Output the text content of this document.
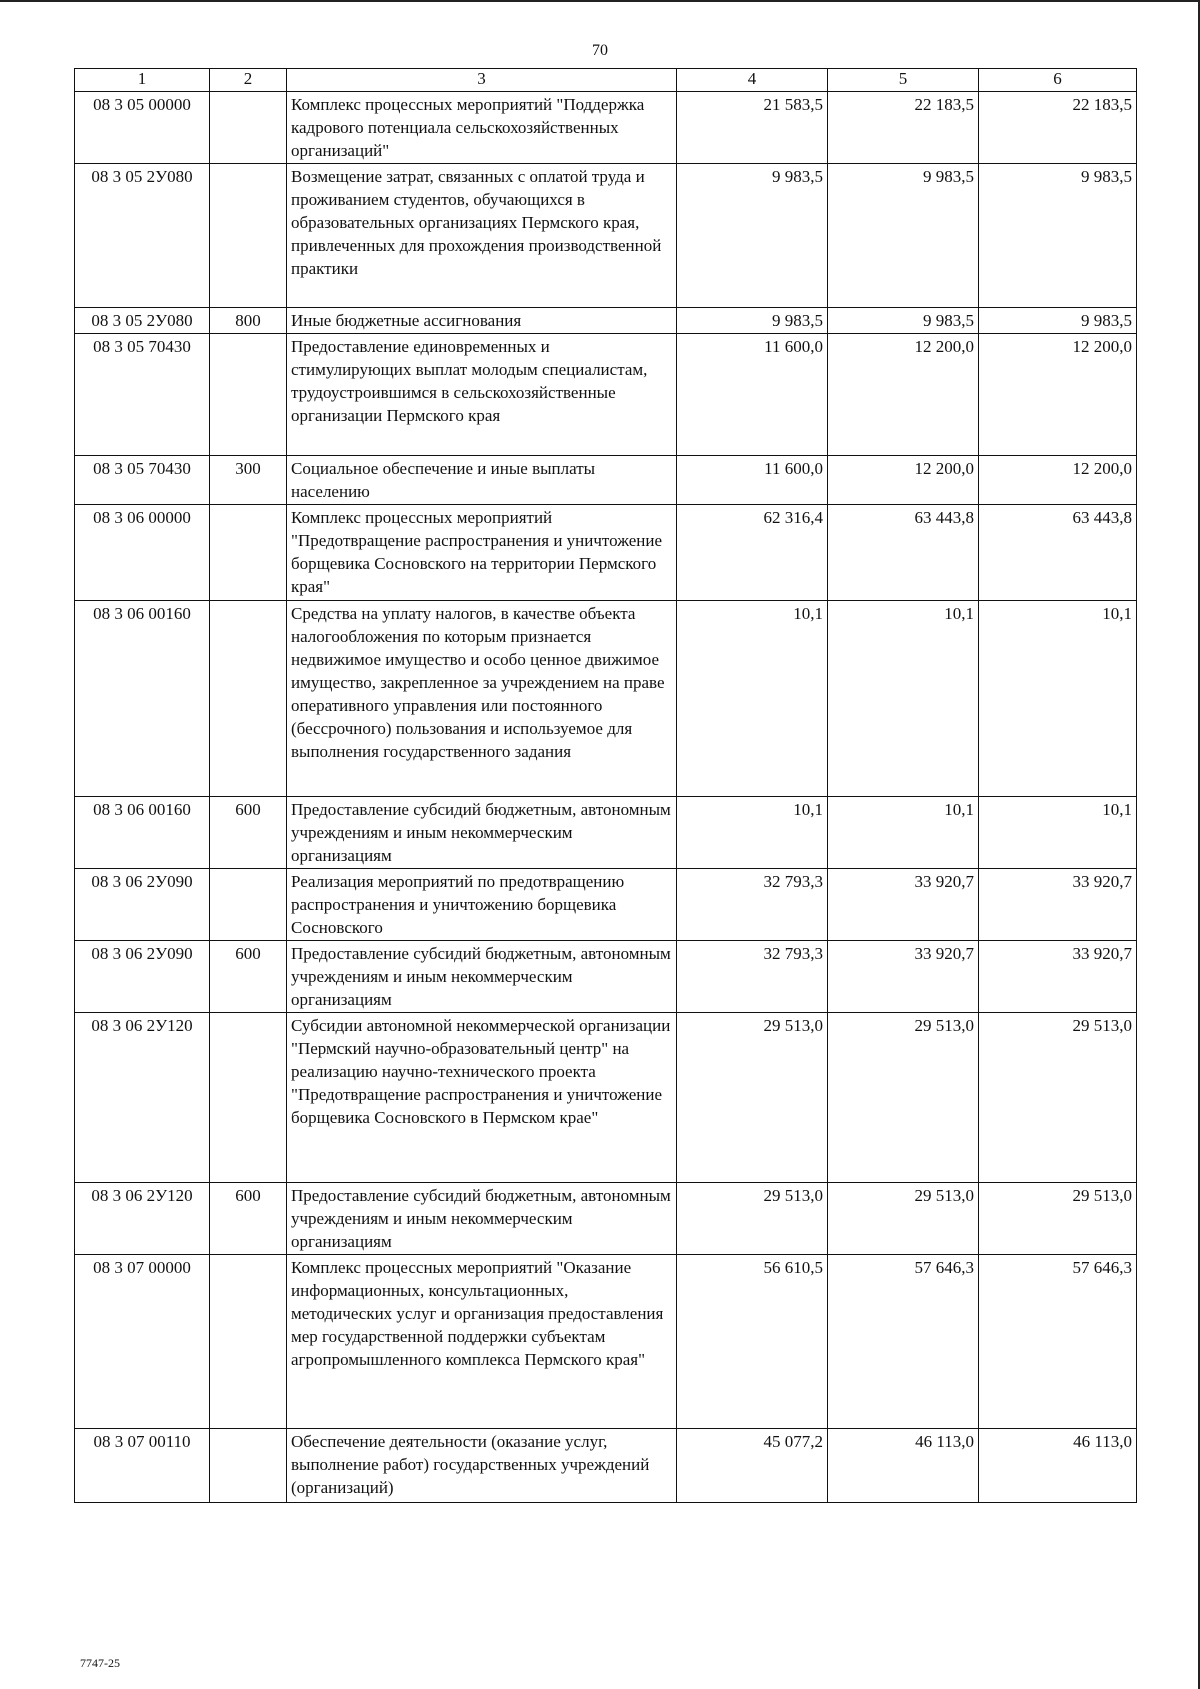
70
1	2	3	4	5	6
08 3 05 00000		Комплекс процессных мероприятий "Поддержка кадрового потенциала сельскохозяйственных организаций"	21 583,5	22 183,5	22 183,5
08 3 05 2У080		Возмещение затрат, связанных с оплатой труда и проживанием студентов, обучающихся в образовательных организациях Пермского края, привлеченных для прохождения производственной практики	9 983,5	9 983,5	9 983,5
08 3 05 2У080	800	Иные бюджетные ассигнования	9 983,5	9 983,5	9 983,5
08 3 05 70430		Предоставление единовременных и стимулирующих выплат молодым специалистам, трудоустроившимся в сельскохозяйственные организации Пермского края	11 600,0	12 200,0	12 200,0
08 3 05 70430	300	Социальное обеспечение и иные выплаты населению	11 600,0	12 200,0	12 200,0
08 3 06 00000		Комплекс процессных мероприятий "Предотвращение распространения и уничтожение борщевика Сосновского на территории Пермского края"	62 316,4	63 443,8	63 443,8
08 3 06 00160		Средства на уплату налогов, в качестве объекта налогообложения по которым признается недвижимое имущество и особо ценное движимое имущество, закрепленное за учреждением на праве оперативного управления или постоянного (бессрочного) пользования и используемое для выполнения государственного задания	10,1	10,1	10,1
08 3 06 00160	600	Предоставление субсидий бюджетным, автономным учреждениям и иным некоммерческим организациям	10,1	10,1	10,1
08 3 06 2У090		Реализация мероприятий по предотвращению распространения и уничтожению борщевика Сосновского	32 793,3	33 920,7	33 920,7
08 3 06 2У090	600	Предоставление субсидий бюджетным, автономным учреждениям и иным некоммерческим организациям	32 793,3	33 920,7	33 920,7
08 3 06 2У120		Субсидии автономной некоммерческой организации "Пермский научно-образовательный центр" на реализацию научно-технического проекта "Предотвращение распространения и уничтожение борщевика Сосновского в Пермском крае"	29 513,0	29 513,0	29 513,0
08 3 06 2У120	600	Предоставление субсидий бюджетным, автономным учреждениям и иным некоммерческим организациям	29 513,0	29 513,0	29 513,0
08 3 07 00000		Комплекс процессных мероприятий "Оказание информационных, консультационных, методических услуг и организация предоставления мер государственной поддержки субъектам агропромышленного комплекса Пермского края"	56 610,5	57 646,3	57 646,3
08 3 07 00110		Обеспечение деятельности (оказание услуг, выполнение работ) государственных учреждений (организаций)	45 077,2	46 113,0	46 113,0
7747-25
